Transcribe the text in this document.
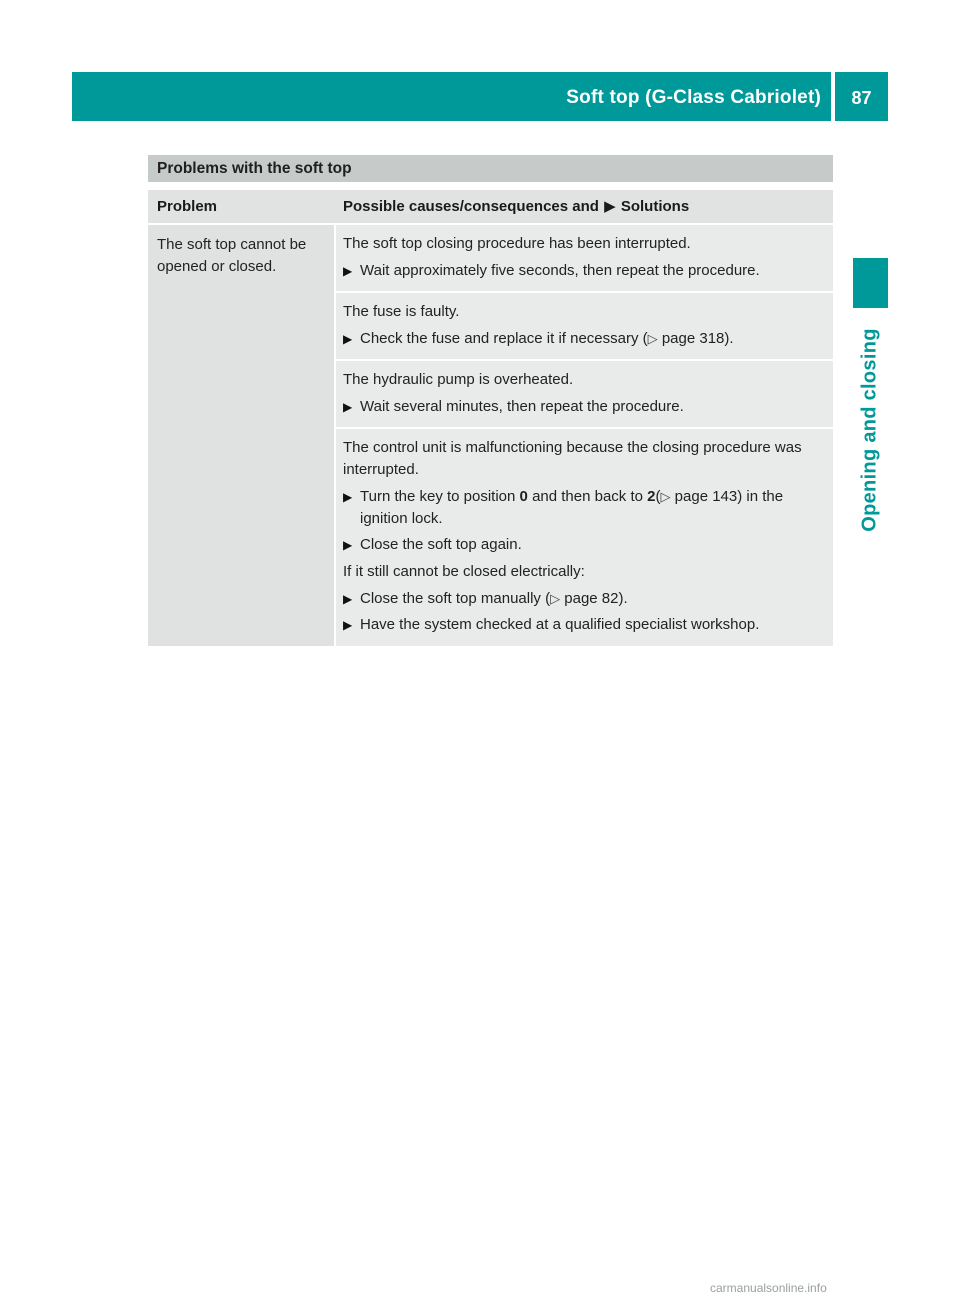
Soft top (G-Class Cabriolet)	87
Opening and closing
Problems with the soft top
Problem	Possible causes/consequences and ▶ Solutions
The soft top cannot be opened or closed.

The soft top closing procedure has been interrupted.

▶ Wait approximately five seconds, then repeat the procedure.

The fuse is faulty.

▶ Check the fuse and replace it if necessary (▷ page 318).

The hydraulic pump is overheated.

▶ Wait several minutes, then repeat the procedure.

The control unit is malfunctioning because the closing procedure was interrupted.

▶ Turn the key to position 0 and then back to 2(▷ page 143) in the ignition lock.
▶ Close the soft top again.

If it still cannot be closed electrically:

▶ Close the soft top manually (▷ page 82).
▶ Have the system checked at a qualified specialist workshop.
carmanualsonline.info
